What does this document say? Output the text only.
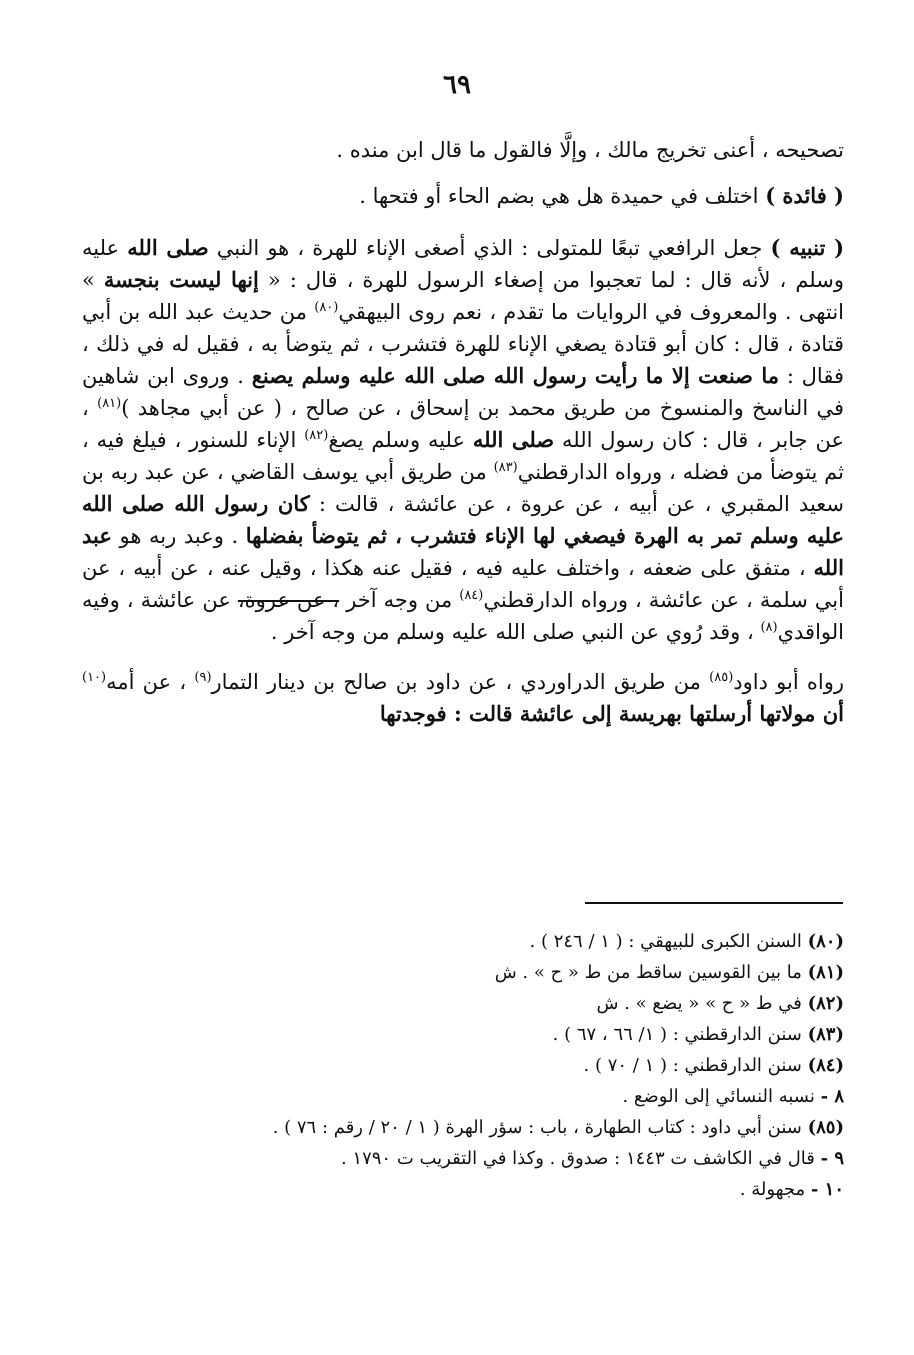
٦٩

تصحيحه ، أعنى تخريج مالك ، وإلَّا فالقول ما قال ابن منده .

( فائدة ) اختلف في حميدة هل هي بضم الحاء أو فتحها .

( تنبيه ) جعل الرافعي تبعًا للمتولى : الذي أصغى الإناء للهرة ، هو النبي صلى الله عليه وسلم ، لأنه قال : لما تعجبوا من إصغاء الرسول للهرة ، قال : « إنها ليست بنجسة » انتهى . والمعروف في الروايات ما تقدم ، نعم روى البيهقي$^{(٨٠)}$ من حديث عبد الله بن أبي قتادة ، قال : كان أبو قتادة يصغي الإناء للهرة فتشرب ، ثم يتوضأ به ، فقيل له في ذلك ، فقال : ما صنعت إلا ما رأيت رسول الله صلى الله عليه وسلم يصنع . وروى ابن شاهين في الناسخ والمنسوخ من طريق محمد بن إسحاق ، عن صالح ، ( عن أبي مجاهد )$^{(٨١)}$ ، عن جابر ، قال : كان رسول الله صلى الله عليه وسلم يصغ$^{(٨٢)}$ الإناء للسنور ، فيلغ فيه ، ثم يتوضأ من فضله ، ورواه الدارقطني$^{(٨٣)}$ من طريق أبي يوسف القاضي ، عن عبد ربه بن سعيد المقبري ، عن أبيه ، عن عروة ، عن عائشة ، قالت : كان رسول الله صلى الله عليه وسلم تمر به الهرة فيصغي لها الإناء فتشرب ، ثم يتوضأ بفضلها . وعبد ربه هو عبد الله ، متفق على ضعفه ، واختلف عليه فيه ، فقيل عنه هكذا ، وقيل عنه ، عن أبيه ، عن أبي سلمة ، عن عائشة ، ورواه الدارقطني$^{(٨٤)}$ من وجه آخر ، عن عروة، عن عائشة ، وفيه الواقدي$^{(٨)}$ ، وقد رُوي عن النبي صلى الله عليه وسلم من وجه آخر .

رواه أبو داود$^{(٨٥)}$ من طريق الدراوردي ، عن داود بن صالح بن دينار التمار$^{(٩)}$ ، عن أمه$^{(١٠)}$ أن مولاتها أرسلتها بهريسة إلى عائشة قالت : فوجدتها

(٨٠) السنن الكبرى للبيهقي : ( ١ / ٢٤٦ ) .
(٨١) ما بين القوسين ساقط من ط « ح » . ش
(٨٢) في ط « ح » « يضع » . ش
(٨٣) سنن الدارقطني : ( ١/ ٦٦ ، ٦٧ ) .
(٨٤) سنن الدارقطني : ( ١ / ٧٠ ) .
٨ - نسبه النسائي إلى الوضع .
(٨٥) سنن أبي داود : كتاب الطهارة ، باب : سؤر الهرة ( ١ / ٢٠ / رقم : ٧٦ ) .
٩ - قال في الكاشف ت ١٤٤٣ : صدوق . وكذا في التقريب ت ١٧٩٠ .
١٠ - مجهولة .
